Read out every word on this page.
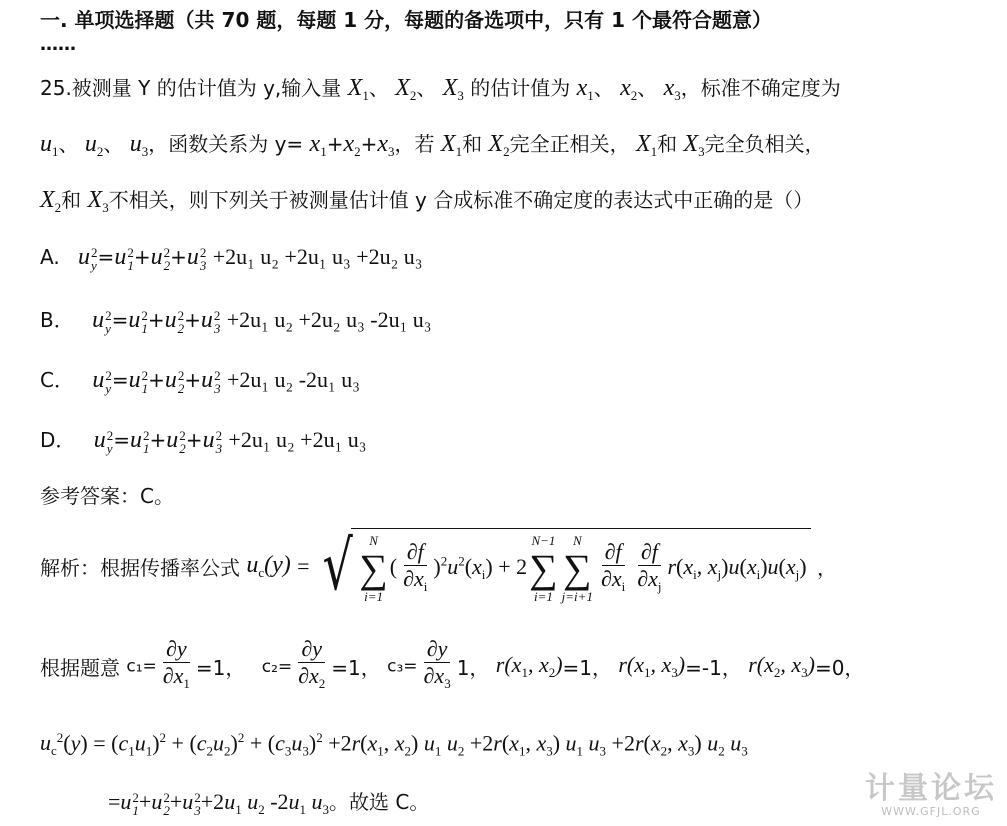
一. 单项选择题（共 70 题，每题 1 分，每题的备选项中，只有 1 个最符合题意）
……
25.被测量 Y 的估计值为 y,输入量 $X_1$、 $X_2$、 $X_3$ 的估计值为 $x_1$、 $x_2$、 $x_3$，标准不确定度为
$u_1$、 $u_2$、 $u_3$，函数关系为 $y= x_1+x_2+x_3$，若 $X_1$和 $X_2$完全正相关， $X_1$和 $X_3$完全负相关，
$X_2$和 $X_3$不相关，则下列关于被测量估计值 y 合成标准不确定度的表达式中正确的是（）
A. u 2
y =u 2
1 +u 2
2 +u 2
3 +2u₁ u₂ +2u₁ u₃ +2u₂ u₃
B． u 2
y =u 2
1 +u 2
2 +u 2
3 +2u₁ u₂ +2u₂ u₃ -2u₁ u₃
C． u 2
y =u 2
1 +u 2
2 +u 2
3 +2u₁ u₂ -2u₁ u₃
D． u 2
y =u 2
1 +u 2
2 +u 2
3 +2u₁ u₂ +2u₁ u₃
参考答案：C。
解析：根据传播率公式 $u_c(y)$ = √ N
∑
i=1
( $\frac{\partial f}{\partial x_i} )^2u^2(x_i) + 2$
N−1
∑
i=1
N
∑
$j=i+1 \frac{\partial f}{\partial x_i} \frac{\partial f}{\partial x_j} r(x_i$, $x_j)u(x_i)u(x_j)$ ，
根据题意 $c_1= \frac{\partial y}{\partial x_1} =1$， $c_2= \frac{\partial y}{\partial x_2} =1$， $c_3= \frac{\partial y}{\partial x_3} 1$， $r(x_1$, $x_2)=1$， $r(x_1$, $x_3)=-1$， $r(x_2$, $x_3)=0$，
$u_c^2(y) = (c_1u_1)^2 + (c_2u_2)^2 + (c_3u_3)^2 +2r(x_1$, $x_2$) $u_1$ $u_2 +2r(x_1$, $x_3$) $u_1$ $u_3 +2r(x_2$, $x_3$) $u_2$ $u_3$
=u 2
1 +u 2
2 +u 2
$3 +2u_1$ $u_2$ $-2u_1$ $u_3$。故选 C。	计量论坛
WWW.GFJL.ORG
